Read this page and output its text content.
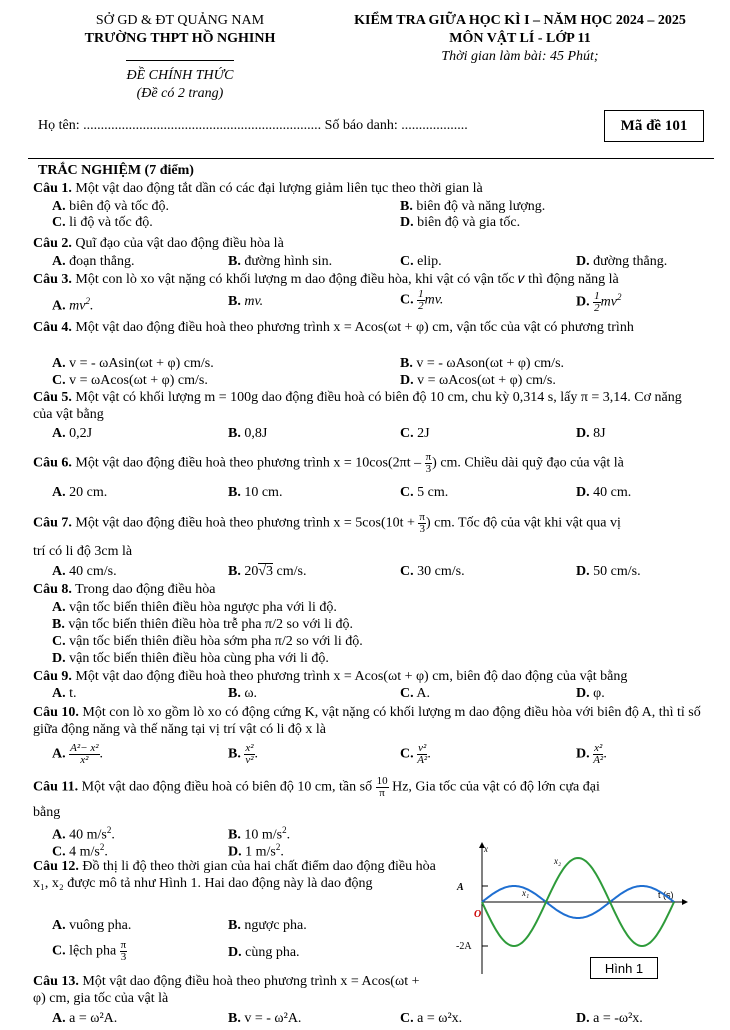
SỞ GD & ĐT QUẢNG NAM
TRƯỜNG THPT HỒ NGHINH
ĐỀ CHÍNH THỨC
(Đề có 2 trang)
KIỂM TRA GIỮA HỌC KÌ I – NĂM HỌC 2024 – 2025
MÔN VẬT LÍ - LỚP 11
Thời gian làm bài: 45 Phút;
Họ tên: .................................................................... Số báo danh: ...................	Mã đề 101
TRẮC NGHIỆM (7 điểm)
Câu 1. Một vật dao động tắt dần có các đại lượng giảm liên tục theo thời gian là
A. biên độ và tốc độ.	B. biên độ và năng lượng.
C. li độ và tốc độ.	D. biên độ và gia tốc.
Câu 2. Quĩ đạo của vật dao động điều hòa là
A. đoạn thẳng.	B. đường hình sin.	C. elip.	D. đường thẳng.
Câu 3. Một con lò xo vật nặng có khối lượng m dao động điều hòa, khi vật có vận tốc 𝑣 thì động năng là
A. $mv^2$.	B. mv.	C. $\frac{1}{2}$ mv.	D. $\frac{1}{2} mv^2$
Câu 4. Một vật dao động điều hoà theo phương trình x = Acos(ωt + φ) cm, vận tốc của vật có phương trình
A. v = - ωAsin(ωt + φ) cm/s.	B. v = - ωAson(ωt + φ) cm/s.
C. v = ωAcos(ωt + φ) cm/s.	D. v = ωAcos(ωt + φ) cm/s.
Câu 5. Một vật có khối lượng m = 100g dao động điều hoà có biên độ 10 cm, chu kỳ 0,314 s, lấy π = 3,14. Cơ năng của vật bằng
A. 0,2J	B. 0,8J	C. 2J	D. 8J
Câu 6. Một vật dao động điều hoà theo phương trình $x = 10\cos(2\pi t - \frac{\pi}{3}$ ) cm. Chiều dài quỹ đạo của vật là
A. 20 cm.	B. 10 cm.	C. 5 cm.	D. 40 cm.
Câu 7. Một vật dao động điều hoà theo phương trình $x = 5\cos(10t + \frac{\pi}{3}$ ) cm. Tốc độ của vật khi vật qua vị
trí có li độ 3cm là
A. 40 cm/s.	B. 20√3 cm/s.	C. 30 cm/s.	D. 50 cm/s.
Câu 8. Trong dao động điều hòa
A. vận tốc biến thiên điều hòa ngược pha với li độ.
B. vận tốc biến thiên điều hòa trễ pha π/2 so với li độ.
C. vận tốc biến thiên điều hòa sớm pha π/2 so với li độ.
D. vận tốc biến thiên điều hòa cùng pha với li độ.
Câu 9. Một vật dao động điều hoà theo phương trình x = Acos(ωt + φ) cm, biên độ dao động của vật bằng
A. t.	B. ω.	C. A.	D. φ.
Câu 10. Một con lò xo gồm lò xo có động cứng K, vật nặng có khối lượng m dao động điều hòa với biên độ A, thì tỉ số giữa động năng và thế năng tại vị trí vật có li độ x là
A. $\frac{\text{A²− x²}}{\text{x²}}$ .	B. $\frac{\text{x²}}{\text{v²}}$ .	C. $\frac{\text{v²}}{\text{A²}}$ .	D. $\frac{\text{x²}}{\text{A²}}$ .
Câu 11. Một vật dao động điều hoà có biên độ 10 cm, tần số $\frac{10}{\pi} Hz$, Gia tốc của vật có độ lớn cựa đại
bằng
A. 40 $m/s^2$.	B. 10 $m/s^2$.
C. 4 $m/s^2$.	D. 1 $m/s^2$.
Câu 12. Đồ thị li độ theo thời gian của hai chất điểm dao động điều hòa x₁, x₂ được mô tả như Hình 1. Hai dao động này là dao động
A. vuông pha.	B. ngược pha.
C. lệch pha $\frac{\pi}{3}$	D. cùng pha.
Câu 13. Một vật dao động điều hoà theo phương trình x = Acos(ωt + φ) cm, gia tốc của vật là
A. a = ω²A.	B. v = - ω²A.	C. a = ω²x.	D. a = -ω²x.
A
-2A
O
x
t (s)
x₁
x₂
Hình 1
